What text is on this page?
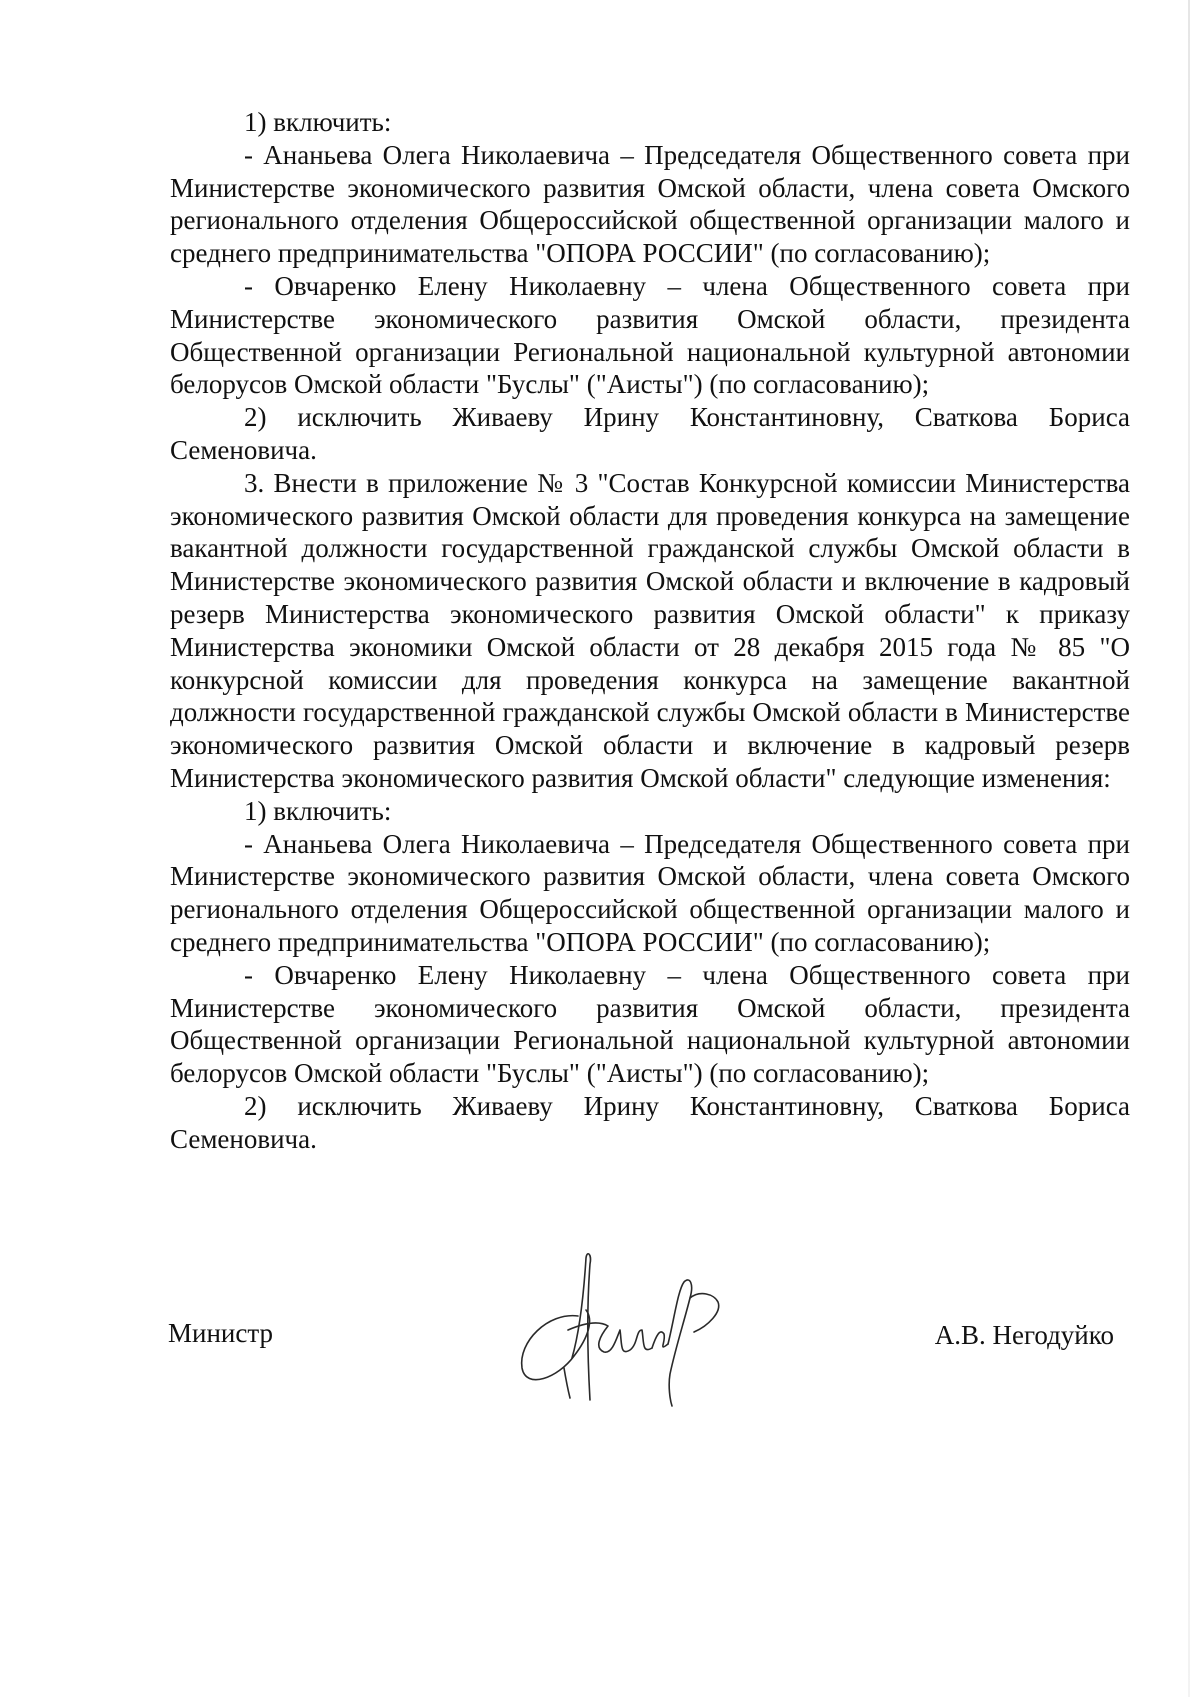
1) включить:

- Ананьева Олега Николаевича – Председателя Общественного совета при Министерстве экономического развития Омской области, члена совета Омского регионального отделения Общероссийской общественной организации малого и среднего предпринимательства "ОПОРА РОССИИ" (по согласованию);

- Овчаренко Елену Николаевну – члена Общественного совета при Министерстве экономического развития Омской области, президента Общественной организации Региональной национальной культурной автономии белорусов Омской области "Буслы" ("Аисты") (по согласованию);

2) исключить Живаеву Ирину Константиновну, Сваткова Бориса Семеновича.

3. Внести в приложение № 3 "Состав Конкурсной комиссии Министерства экономического развития Омской области для проведения конкурса на замещение вакантной должности государственной гражданской службы Омской области в Министерстве экономического развития Омской области и включение в кадровый резерв Министерства экономического развития Омской области" к приказу Министерства экономики Омской области от 28 декабря 2015 года № 85 "О конкурсной комиссии для проведения конкурса на замещение вакантной должности государственной гражданской службы Омской области в Министерстве экономического развития Омской области и включение в кадровый резерв Министерства экономического развития Омской области" следующие изменения:

1) включить:

- Ананьева Олега Николаевича – Председателя Общественного совета при Министерстве экономического развития Омской области, члена совета Омского регионального отделения Общероссийской общественной организации малого и среднего предпринимательства "ОПОРА РОССИИ" (по согласованию);

- Овчаренко Елену Николаевну – члена Общественного совета при Министерстве экономического развития Омской области, президента Общественной организации Региональной национальной культурной автономии белорусов Омской области "Буслы" ("Аисты") (по согласованию);

2) исключить Живаеву Ирину Константиновну, Сваткова Бориса Семеновича.

Министр	А.В. Негодуйко
